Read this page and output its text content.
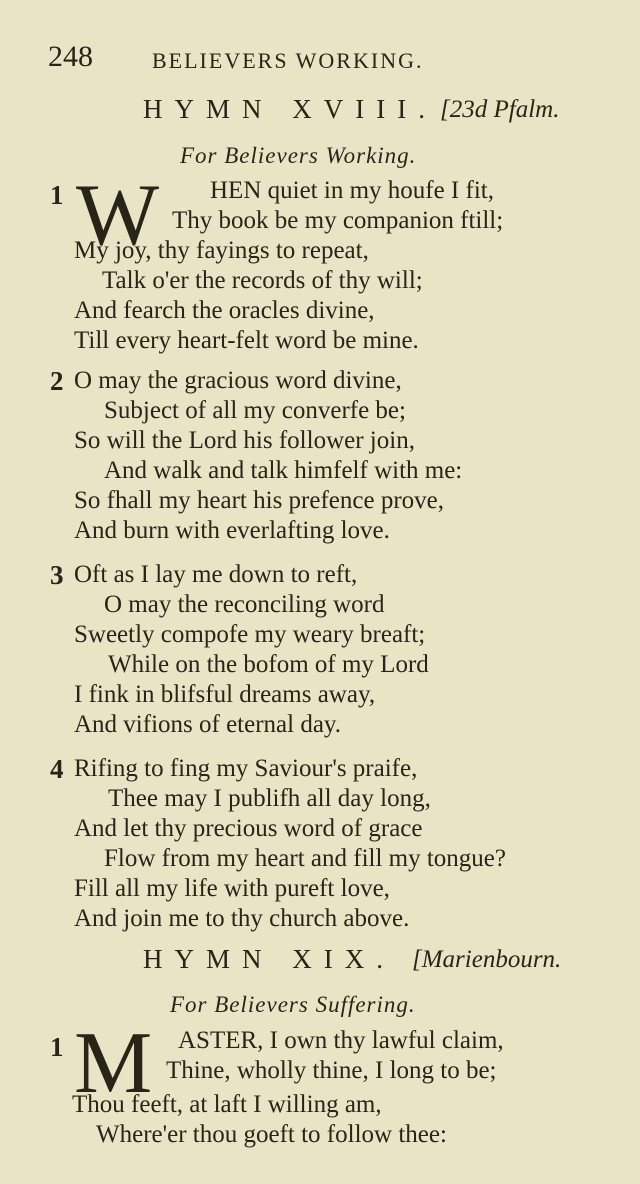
248	BELIEVERS WORKING.
HYMN XVIII. [23d Pfalm.
For Believers Working.
1 W HEN quiet in my houfe I fit,
Thy book be my companion ftill;
My joy, thy fayings to repeat,
Talk o'er the records of thy will;
And fearch the oracles divine,
Till every heart-felt word be mine.
2 O may the gracious word divine,
Subject of all my converfe be;
So will the Lord his follower join,
And walk and talk himfelf with me:
So fhall my heart his prefence prove,
And burn with everlafting love.
3 Oft as I lay me down to reft,
O may the reconciling word
Sweetly compofe my weary breaft;
While on the bofom of my Lord
I fink in blifsful dreams away,
And vifions of eternal day.
4 Rifing to fing my Saviour's praife,
Thee may I publifh all day long,
And let thy precious word of grace
Flow from my heart and fill my tongue?
Fill all my life with pureft love,
And join me to thy church above.
HYMN XIX. [Marienbourn.
For Believers Suffering.
1 M ASTER, I own thy lawful claim,
Thine, wholly thine, I long to be;
Thou feeft, at laft I willing am,
Where'er thou goeft to follow thee:
